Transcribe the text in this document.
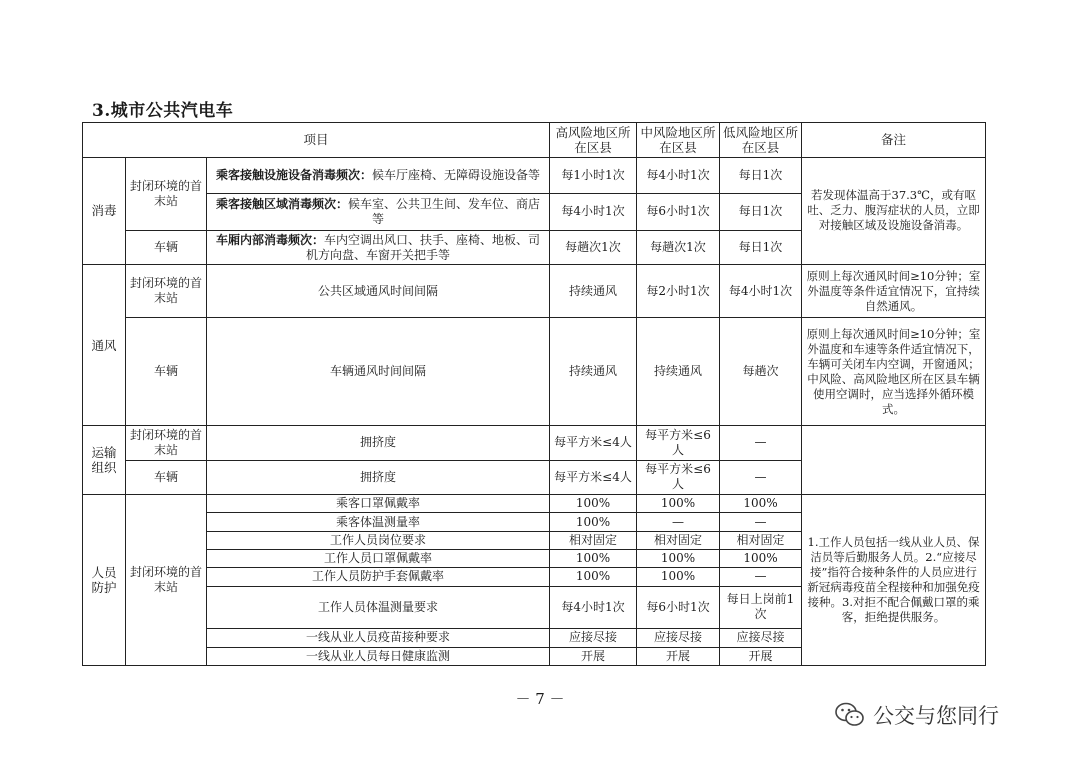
3.城市公共汽电车
项目			高风险地区所在区县	中风险地区所在区县	低风险地区所在区县	备注
消毒	封闭环境的首末站	乘客接触设施设备消毒频次：候车厅座椅、无障碍设施设备等	每1小时1次	每4小时1次	每日1次	若发现体温高于37.3℃，或有呕吐、乏力、腹泻症状的人员，立即对接触区域及设施设备消毒。
		乘客接触区域消毒频次：候车室、公共卫生间、发车位、商店等	每4小时1次	每6小时1次	每日1次	
	车辆	车厢内部消毒频次：车内空调出风口、扶手、座椅、地板、司机方向盘、车窗开关把手等	每趟次1次	每趟次1次	每日1次	
通风	封闭环境的首末站	公共区域通风时间间隔	持续通风	每2小时1次	每4小时1次	原则上每次通风时间≥10分钟；室外温度等条件适宜情况下，宜持续自然通风。
	车辆	车辆通风时间间隔	持续通风	持续通风	每趟次	原则上每次通风时间≥10分钟；室外温度和车速等条件适宜情况下，车辆可关闭车内空调，开窗通风；中风险、高风险地区所在区县车辆使用空调时，应当选择外循环模式。
运输组织	封闭环境的首末站	拥挤度	每平方米≤4人	每平方米≤6人	—	
	车辆	拥挤度	每平方米≤4人	每平方米≤6人	—	
人员防护	封闭环境的首末站	乘客口罩佩戴率	100%	100%	100%	1.工作人员包括一线从业人员、保洁员等后勤服务人员。2.“应接尽接”指符合接种条件的人员应进行新冠病毒疫苗全程接种和加强免疫接种。3.对拒不配合佩戴口罩的乘客，拒绝提供服务。
		乘客体温测量率	100%	—	—	
		工作人员岗位要求	相对固定	相对固定	相对固定	
		工作人员口罩佩戴率	100%	100%	100%	
		工作人员防护手套佩戴率	100%	100%	—	
		工作人员体温测量要求	每4小时1次	每6小时1次	每日上岗前1次	
		一线从业人员疫苗接种要求	应接尽接	应接尽接	应接尽接	
		一线从业人员每日健康监测	开展	开展	开展	
－ 7 －
公交与您同行
